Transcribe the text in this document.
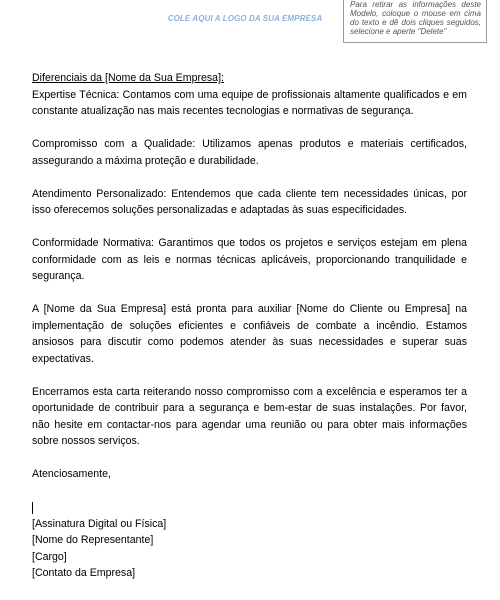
COLE AQUI A LOGO DA SUA EMPRESA
Para retirar as informações deste Modelo, coloque o mouse em cima do texto e dê dois cliques seguidos, selecione e aperte "Delete"

Diferenciais da [Nome da Sua Empresa]:

Expertise Técnica: Contamos com uma equipe de profissionais altamente qualificados e em constante atualização nas mais recentes tecnologias e normativas de segurança.

Compromisso com a Qualidade: Utilizamos apenas produtos e materiais certificados, assegurando a máxima proteção e durabilidade.

Atendimento Personalizado: Entendemos que cada cliente tem necessidades únicas, por isso oferecemos soluções personalizadas e adaptadas às suas especificidades.

Conformidade Normativa: Garantimos que todos os projetos e serviços estejam em plena conformidade com as leis e normas técnicas aplicáveis, proporcionando tranquilidade e segurança.

A [Nome da Sua Empresa] está pronta para auxiliar [Nome do Cliente ou Empresa] na implementação de soluções eficientes e confiáveis de combate a incêndio. Estamos ansiosos para discutir como podemos atender às suas necessidades e superar suas expectativas.

Encerramos esta carta reiterando nosso compromisso com a excelência e esperamos ter a oportunidade de contribuir para a segurança e bem-estar de suas instalações. Por favor, não hesite em contactar-nos para agendar uma reunião ou para obter mais informações sobre nossos serviços.

Atenciosamente,

[Assinatura Digital ou Física]
[Nome do Representante]
[Cargo]
[Contato da Empresa]
